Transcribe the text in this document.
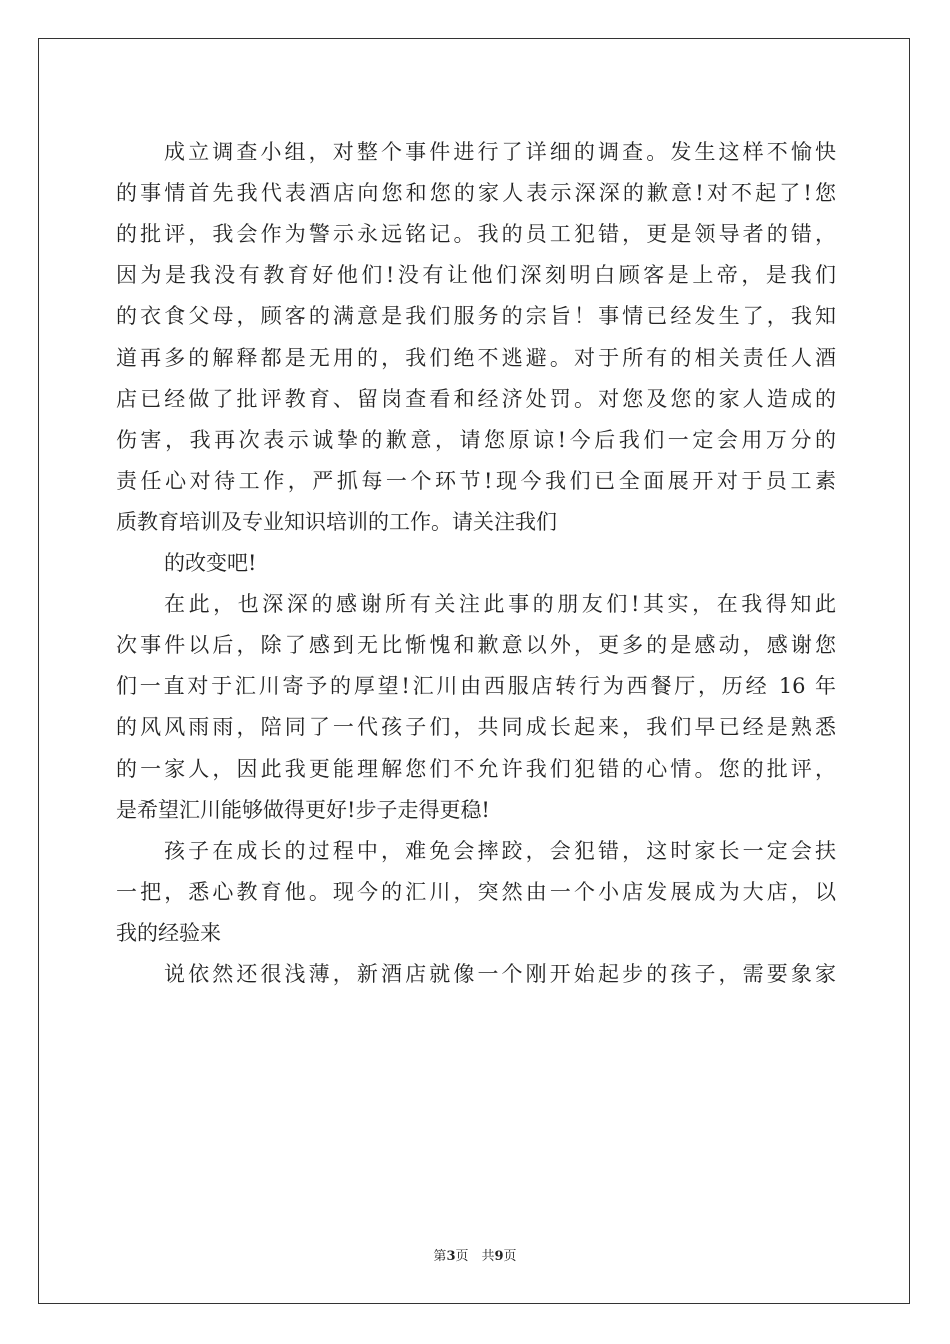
成立调查小组，对整个事件进行了详细的调查。发生这样不愉快
的事情首先我代表酒店向您和您的家人表示深深的歉意!对不起了!您
的批评，我会作为警示永远铭记。我的员工犯错，更是领导者的错，
因为是我没有教育好他们!没有让他们深刻明白顾客是上帝，是我们
的衣食父母，顾客的满意是我们服务的宗旨！事情已经发生了，我知
道再多的解释都是无用的，我们绝不逃避。对于所有的相关责任人酒
店已经做了批评教育、留岗查看和经济处罚。对您及您的家人造成的
伤害，我再次表示诚挚的歉意，请您原谅!今后我们一定会用万分的
责任心对待工作，严抓每一个环节!现今我们已全面展开对于员工素
质教育培训及专业知识培训的工作。请关注我们
的改变吧!
在此，也深深的感谢所有关注此事的朋友们!其实，在我得知此
次事件以后，除了感到无比惭愧和歉意以外，更多的是感动，感谢您
们一直对于汇川寄予的厚望!汇川由西服店转行为西餐厅，历经 16 年
的风风雨雨，陪同了一代孩子们，共同成长起来，我们早已经是熟悉
的一家人，因此我更能理解您们不允许我们犯错的心情。您的批评，
是希望汇川能够做得更好!步子走得更稳!
孩子在成长的过程中，难免会摔跤，会犯错，这时家长一定会扶
一把，悉心教育他。现今的汇川，突然由一个小店发展成为大店，以
我的经验来
说依然还很浅薄，新酒店就像一个刚开始起步的孩子，需要象家
第3页　共9页
